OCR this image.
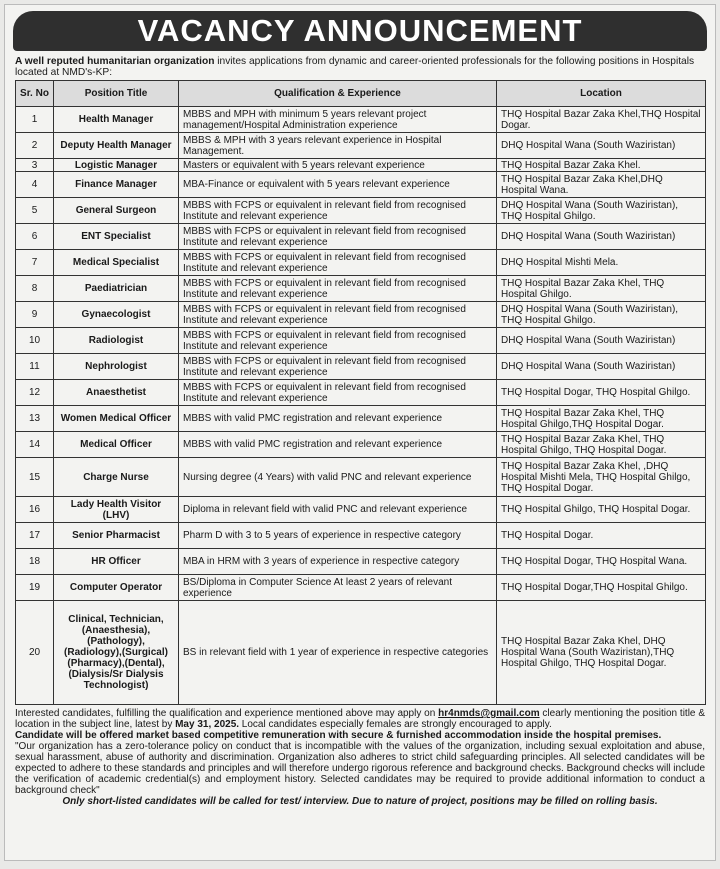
VACANCY ANNOUNCEMENT
A well reputed humanitarian organization invites applications from dynamic and career-oriented professionals for the following positions in Hospitals located at NMD's-KP:
Sr. No	Position Title	Qualification & Experience	Location
1	Health Manager	MBBS and MPH with minimum 5 years relevant project management/Hospital Administration experience	THQ Hospital Bazar Zaka Khel,THQ Hospital Dogar.
2	Deputy Health Manager	MBBS & MPH with 3 years relevant experience in Hospital Management.	DHQ Hospital Wana (South Waziristan)
3	Logistic Manager	Masters or equivalent with 5 years relevant experience	THQ Hospital Bazar Zaka Khel.
4	Finance Manager	MBA-Finance or equivalent with 5 years relevant experience	THQ Hospital Bazar Zaka Khel,DHQ Hospital Wana.
5	General Surgeon	MBBS with FCPS or equivalent in relevant field from recognised Institute and relevant experience	DHQ Hospital Wana (South Waziristan), THQ Hospital Ghilgo.
6	ENT Specialist	MBBS with FCPS or equivalent in relevant field from recognised Institute and relevant experience	DHQ Hospital Wana (South Waziristan)
7	Medical Specialist	MBBS with FCPS or equivalent in relevant field from recognised Institute and relevant experience	DHQ Hospital Mishti Mela.
8	Paediatrician	MBBS with FCPS or equivalent in relevant field from recognised Institute and relevant experience	THQ Hospital Bazar Zaka Khel, THQ Hospital Ghilgo.
9	Gynaecologist	MBBS with FCPS or equivalent in relevant field from recognised Institute and relevant experience	DHQ Hospital Wana (South Waziristan), THQ Hospital Ghilgo.
10	Radiologist	MBBS with FCPS or equivalent in relevant field from recognised Institute and relevant experience	DHQ Hospital Wana (South Waziristan)
11	Nephrologist	MBBS with FCPS or equivalent in relevant field from recognised Institute and relevant experience	DHQ Hospital Wana (South Waziristan)
12	Anaesthetist	MBBS with FCPS or equivalent in relevant field from recognised Institute and relevant experience	THQ Hospital Dogar, THQ Hospital Ghilgo.
13	Women Medical Officer	MBBS with valid PMC registration and relevant experience	THQ Hospital Bazar Zaka Khel, THQ Hospital Ghilgo,THQ Hospital Dogar.
14	Medical Officer	MBBS with valid PMC registration and relevant experience	THQ Hospital Bazar Zaka Khel, THQ Hospital Ghilgo, THQ Hospital Dogar.
15	Charge Nurse	Nursing degree (4 Years) with valid PNC and relevant experience	THQ Hospital Bazar Zaka Khel, ,DHQ Hospital Mishti Mela, THQ Hospital Ghilgo, THQ Hospital Dogar.
16	Lady Health Visitor (LHV)	Diploma in relevant field with valid PNC and relevant experience	THQ Hospital Ghilgo, THQ Hospital Dogar.
17	Senior Pharmacist	Pharm D with 3 to 5 years of experience in respective category	THQ Hospital Dogar.
18	HR Officer	MBA in HRM with 3 years of experience in respective category	THQ Hospital Dogar, THQ Hospital Wana.
19	Computer Operator	BS/Diploma in Computer Science At least 2 years of relevant experience	THQ Hospital Dogar,THQ Hospital Ghilgo.
20	Clinical, Technician, (Anaesthesia), (Pathology), (Radiology),(Surgical) (Pharmacy),(Dental), (Dialysis/Sr Dialysis Technologist)	BS in relevant field with 1 year of experience in respective categories	THQ Hospital Bazar Zaka Khel, DHQ Hospital Wana (South Waziristan),THQ Hospital Ghilgo, THQ Hospital Dogar.

Interested candidates, fulfilling the qualification and experience mentioned above may apply on hr4nmds@gmail.com clearly mentioning the position title & location in the subject line, latest by May 31, 2025. Local candidates especially females are strongly encouraged to apply.

Candidate will be offered market based competitive remuneration with secure & furnished accommodation inside the hospital premises.

"Our organization has a zero-tolerance policy on conduct that is incompatible with the values of the organization, including sexual exploitation and abuse, sexual harassment, abuse of authority and discrimination. Organization also adheres to strict child safeguarding principles. All selected candidates will be expected to adhere to these standards and principles and will therefore undergo rigorous reference and background checks. Background checks will include the verification of academic credential(s) and employment history. Selected candidates may be required to provide additional information to conduct a background check"

Only short-listed candidates will be called for test/ interview. Due to nature of project, positions may be filled on rolling basis.
